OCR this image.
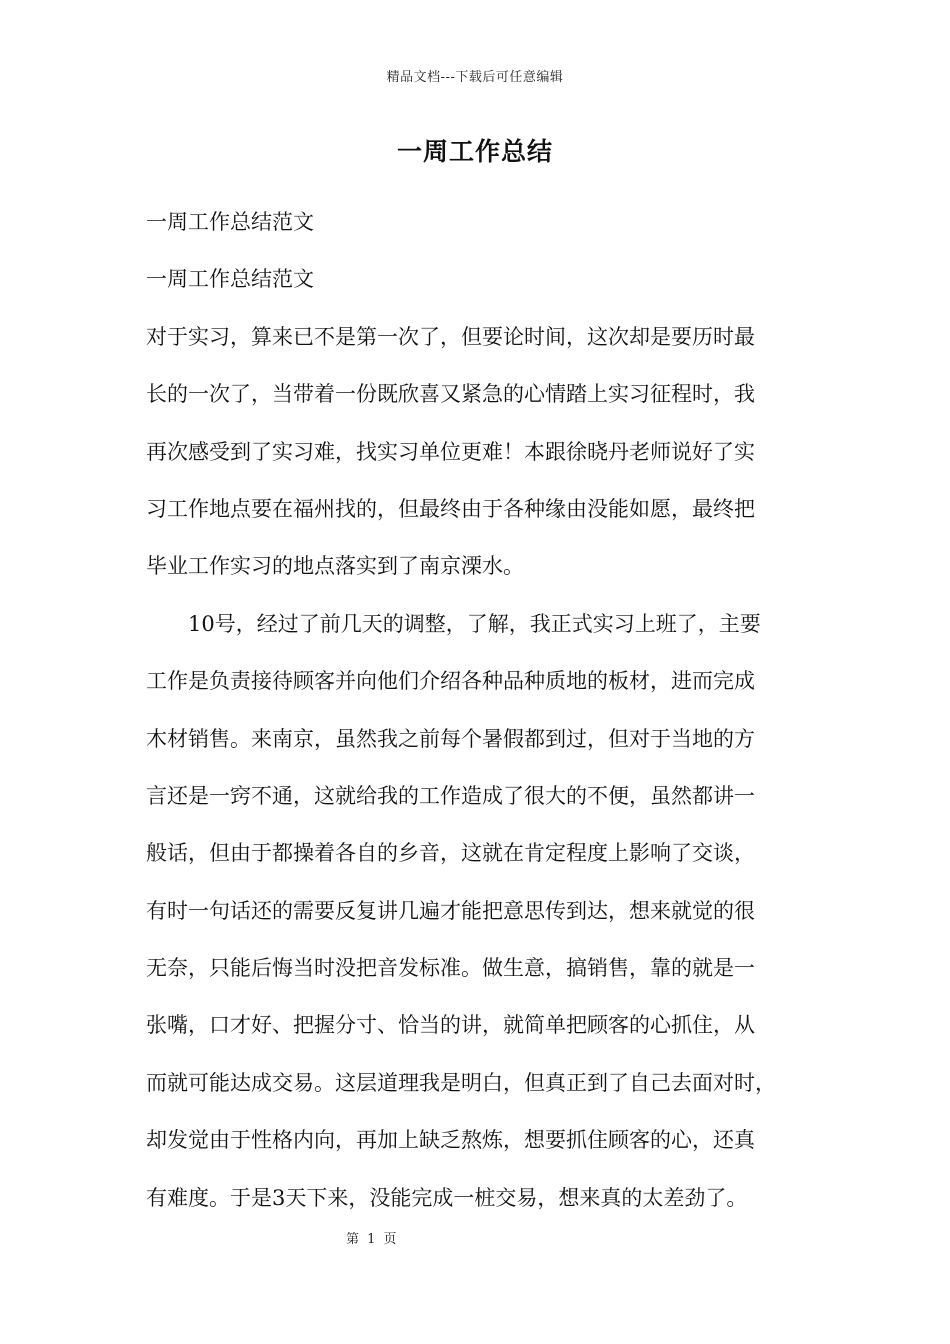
精品文档---下载后可任意编辑
一周工作总结
一周工作总结范文
一周工作总结范文
对于实习，算来已不是第一次了，但要论时间，这次却是要历时最
长的一次了，当带着一份既欣喜又紧急的心情踏上实习征程时，我
再次感受到了实习难，找实习单位更难！本跟徐晓丹老师说好了实
习工作地点要在福州找的，但最终由于各种缘由没能如愿，最终把
毕业工作实习的地点落实到了南京溧水。
　　10号，经过了前几天的调整，了解，我正式实习上班了，主要
工作是负责接待顾客并向他们介绍各种品种质地的板材，进而完成
木材销售。来南京，虽然我之前每个暑假都到过，但对于当地的方
言还是一窍不通，这就给我的工作造成了很大的不便，虽然都讲一
般话，但由于都操着各自的乡音，这就在肯定程度上影响了交谈，
有时一句话还的需要反复讲几遍才能把意思传到达，想来就觉的很
无奈，只能后悔当时没把音发标准。做生意，搞销售，靠的就是一
张嘴，口才好、把握分寸、恰当的讲，就简单把顾客的心抓住，从
而就可能达成交易。这层道理我是明白，但真正到了自己去面对时，
却发觉由于性格内向，再加上缺乏熬炼，想要抓住顾客的心，还真
有难度。于是3天下来，没能完成一桩交易，想来真的太差劲了。
第 1 页
